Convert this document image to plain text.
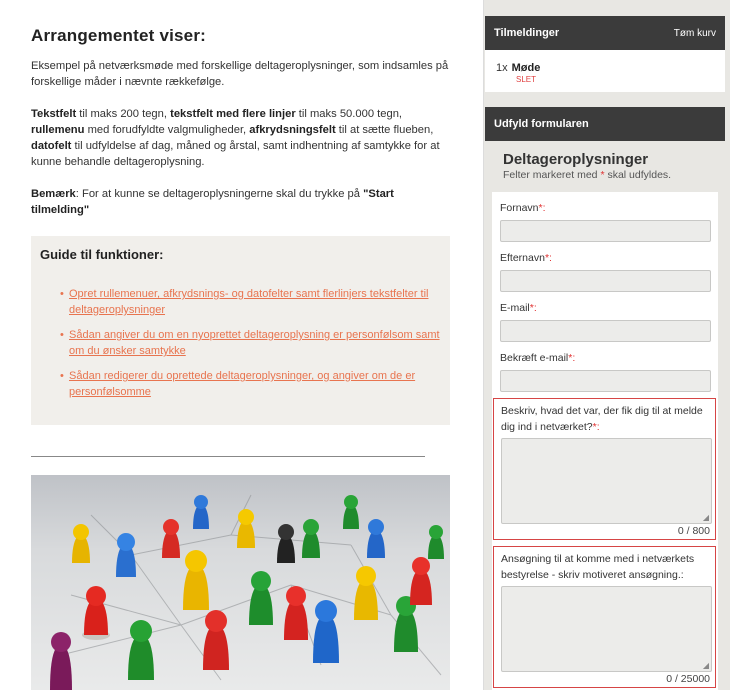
Arrangementet viser:
Eksempel på netværksmøde med forskellige deltageroplysninger, som indsamles på forskellige måder i nævnte rækkefølge.
Tekstfelt til maks 200 tegn, tekstfelt med flere linjer til maks 50.000 tegn, rullemenu med forudfyldte valgmuligheder, afkrydsningsfelt til at sætte flueben, datofelt til udfyldelse af dag, måned og årstal, samt indhentning af samtykke for at kunne behandle deltageroplysning.
Bemærk: For at kunne se deltageroplysningerne skal du trykke på "Start tilmelding"
Guide til funktioner:
• Opret rullemenuer, afkrydsnings- og datofelter samt flerlinjers tekstfelter til deltageroplysninger
• Sådan angiver du om en nyoprettet deltageroplysning er personfølsom samt om du ønsker samtykke
• Sådan redigerer du oprettede deltageroplysninger, og angiver om de er personfølsomme
Tilmeldinger	Tøm kurv
1x Møde
SLET
Udfyld formularen
Deltageroplysninger
Felter markeret med * skal udfyldes.
Fornavn*:
Efternavn*:
E-mail*:
Bekræft e-mail*:
Beskriv, hvad det var, der fik dig til at melde dig ind i netværket?*:
◢
0 / 800
Ansøgning til at komme med i netværkets bestyrelse - skriv motiveret ansøgning.:
◢
0 / 25000
